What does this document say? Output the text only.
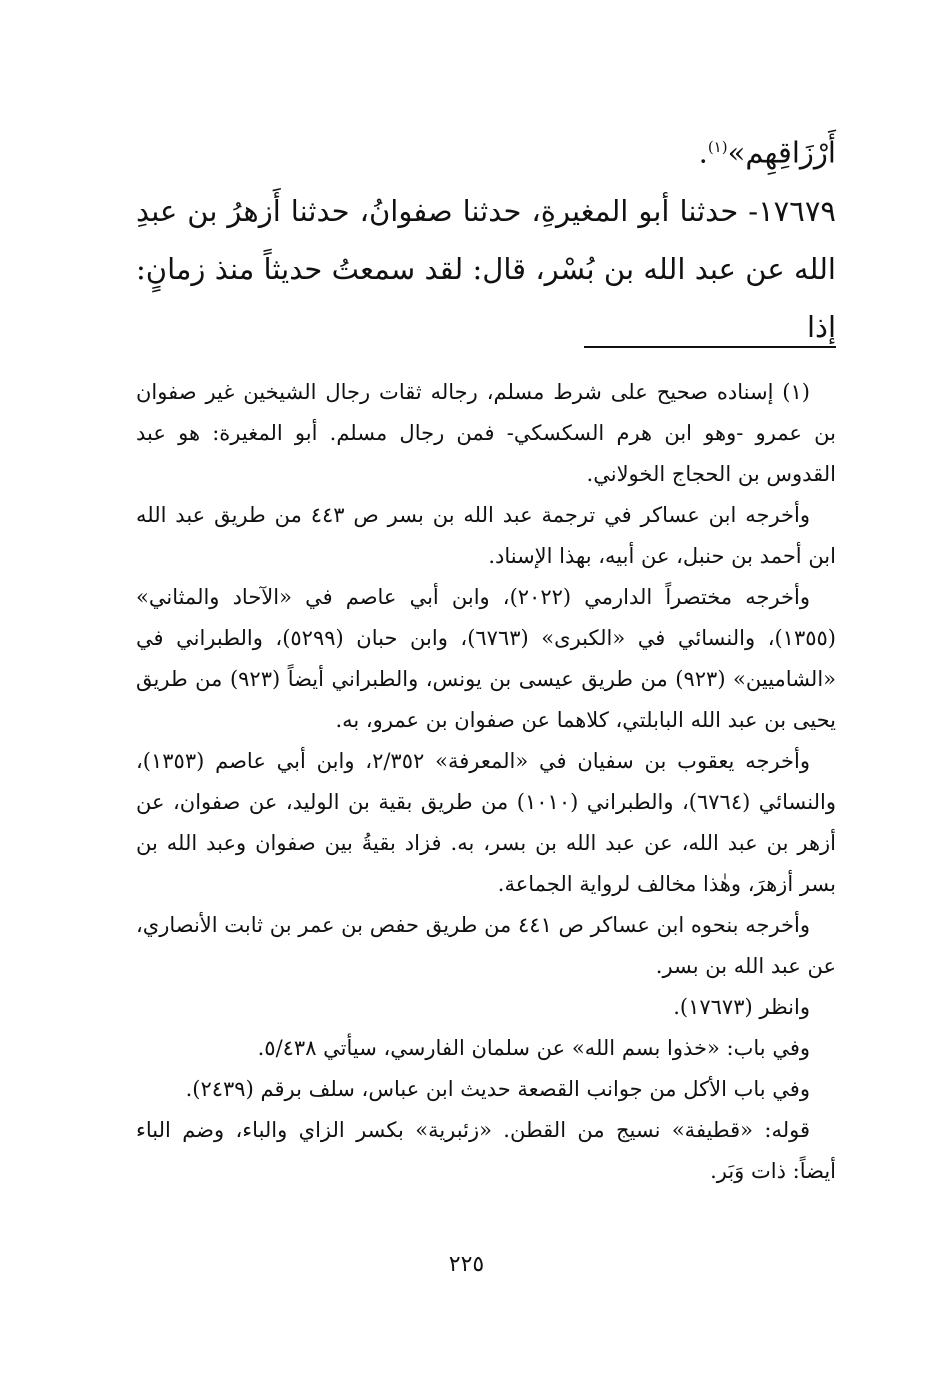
أَرْزَاقِهِم»$^{(١)}$.

١٧٦٧٩- حدثنا أبو المغيرةِ، حدثنا صفوانُ، حدثنا أَزهرُ بن عبدِ الله عن عبد الله بن بُسْر، قال: لقد سمعتُ حديثاً منذ زمانٍ: إذا

(١) إسناده صحيح على شرط مسلم، رجاله ثقات رجال الشيخين غير صفوان بن عمرو -وهو ابن هرم السكسكي- فمن رجال مسلم. أبو المغيرة: هو عبد القدوس بن الحجاج الخولاني.

وأخرجه ابن عساكر في ترجمة عبد الله بن بسر ص ٤٤٣ من طريق عبد الله ابن أحمد بن حنبل، عن أبيه، بهذا الإسناد.

وأخرجه مختصراً الدارمي (٢٠٢٢)، وابن أبي عاصم في «الآحاد والمثاني» (١٣٥٥)، والنسائي في «الكبرى» (٦٧٦٣)، وابن حبان (٥٢٩٩)، والطبراني في «الشاميين» (٩٢٣) من طريق عيسى بن يونس، والطبراني أيضاً (٩٢٣) من طريق يحيى بن عبد الله البابلتي، كلاهما عن صفوان بن عمرو، به.

وأخرجه يعقوب بن سفيان في «المعرفة» ٢/٣٥٢، وابن أبي عاصم (١٣٥٣)، والنسائي (٦٧٦٤)، والطبراني (١٠١٠) من طريق بقية بن الوليد، عن صفوان، عن أزهر بن عبد الله، عن عبد الله بن بسر، به. فزاد بقيةُ بين صفوان وعبد الله بن بسر أزهرَ، وهٰذا مخالف لرواية الجماعة.

وأخرجه بنحوه ابن عساكر ص ٤٤١ من طريق حفص بن عمر بن ثابت الأنصاري، عن عبد الله بن بسر.

وانظر (١٧٦٧٣).

وفي باب: «خذوا بسم الله» عن سلمان الفارسي، سيأتي ٥/٤٣٨.

وفي باب الأكل من جوانب القصعة حديث ابن عباس، سلف برقم (٢٤٣٩).

قوله: «قطيفة» نسيج من القطن. «زئبرية» بكسر الزاي والباء، وضم الباء أيضاً: ذات وَبَر.

٢٢٥
